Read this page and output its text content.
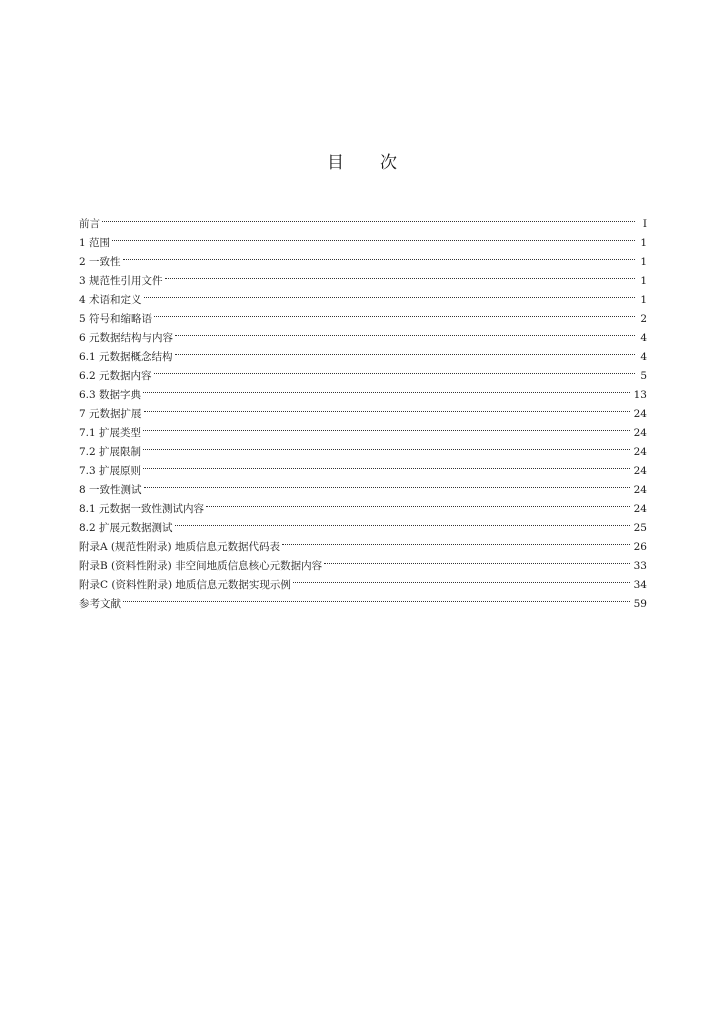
目 次
前言	I
1 范围	1
2 一致性	1
3 规范性引用文件	1
4 术语和定义	1
5 符号和缩略语	2
6 元数据结构与内容	4
6.1 元数据概念结构	4
6.2 元数据内容	5
6.3 数据字典	13
7 元数据扩展	24
7.1 扩展类型	24
7.2 扩展限制	24
7.3 扩展原则	24
8 一致性测试	24
8.1 元数据一致性测试内容	24
8.2 扩展元数据测试	25
附录A (规范性附录) 地质信息元数据代码表	26
附录B (资料性附录) 非空间地质信息核心元数据内容	33
附录C (资料性附录) 地质信息元数据实现示例	34
参考文献	59
